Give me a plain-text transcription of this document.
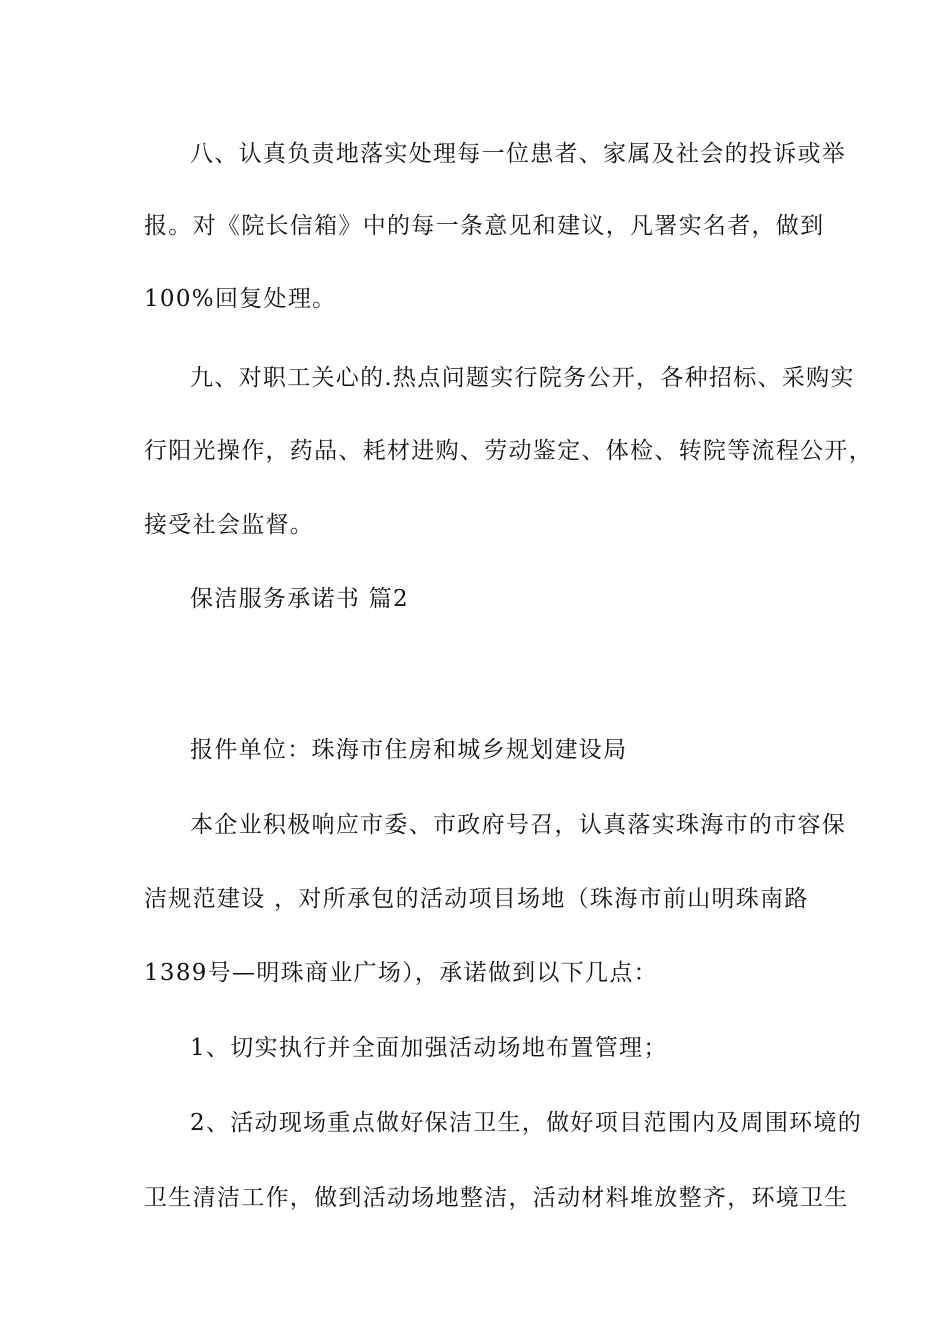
八、认真负责地落实处理每一位患者、家属及社会的投诉或举
报。对《院长信箱》中的每一条意见和建议，凡署实名者，做到
100%回复处理。
九、对职工关心的.热点问题实行院务公开，各种招标、采购实
行阳光操作，药品、耗材进购、劳动鉴定、体检、转院等流程公开，
接受社会监督。
保洁服务承诺书 篇2
报件单位：珠海市住房和城乡规划建设局
本企业积极响应市委、市政府号召，认真落实珠海市的市容保
洁规范建设 ，对所承包的活动项目场地（珠海市前山明珠南路
1389号—明珠商业广场），承诺做到以下几点：
1、切实执行并全面加强活动场地布置管理；
2、活动现场重点做好保洁卫生，做好项目范围内及周围环境的
卫生清洁工作，做到活动场地整洁，活动材料堆放整齐，环境卫生
